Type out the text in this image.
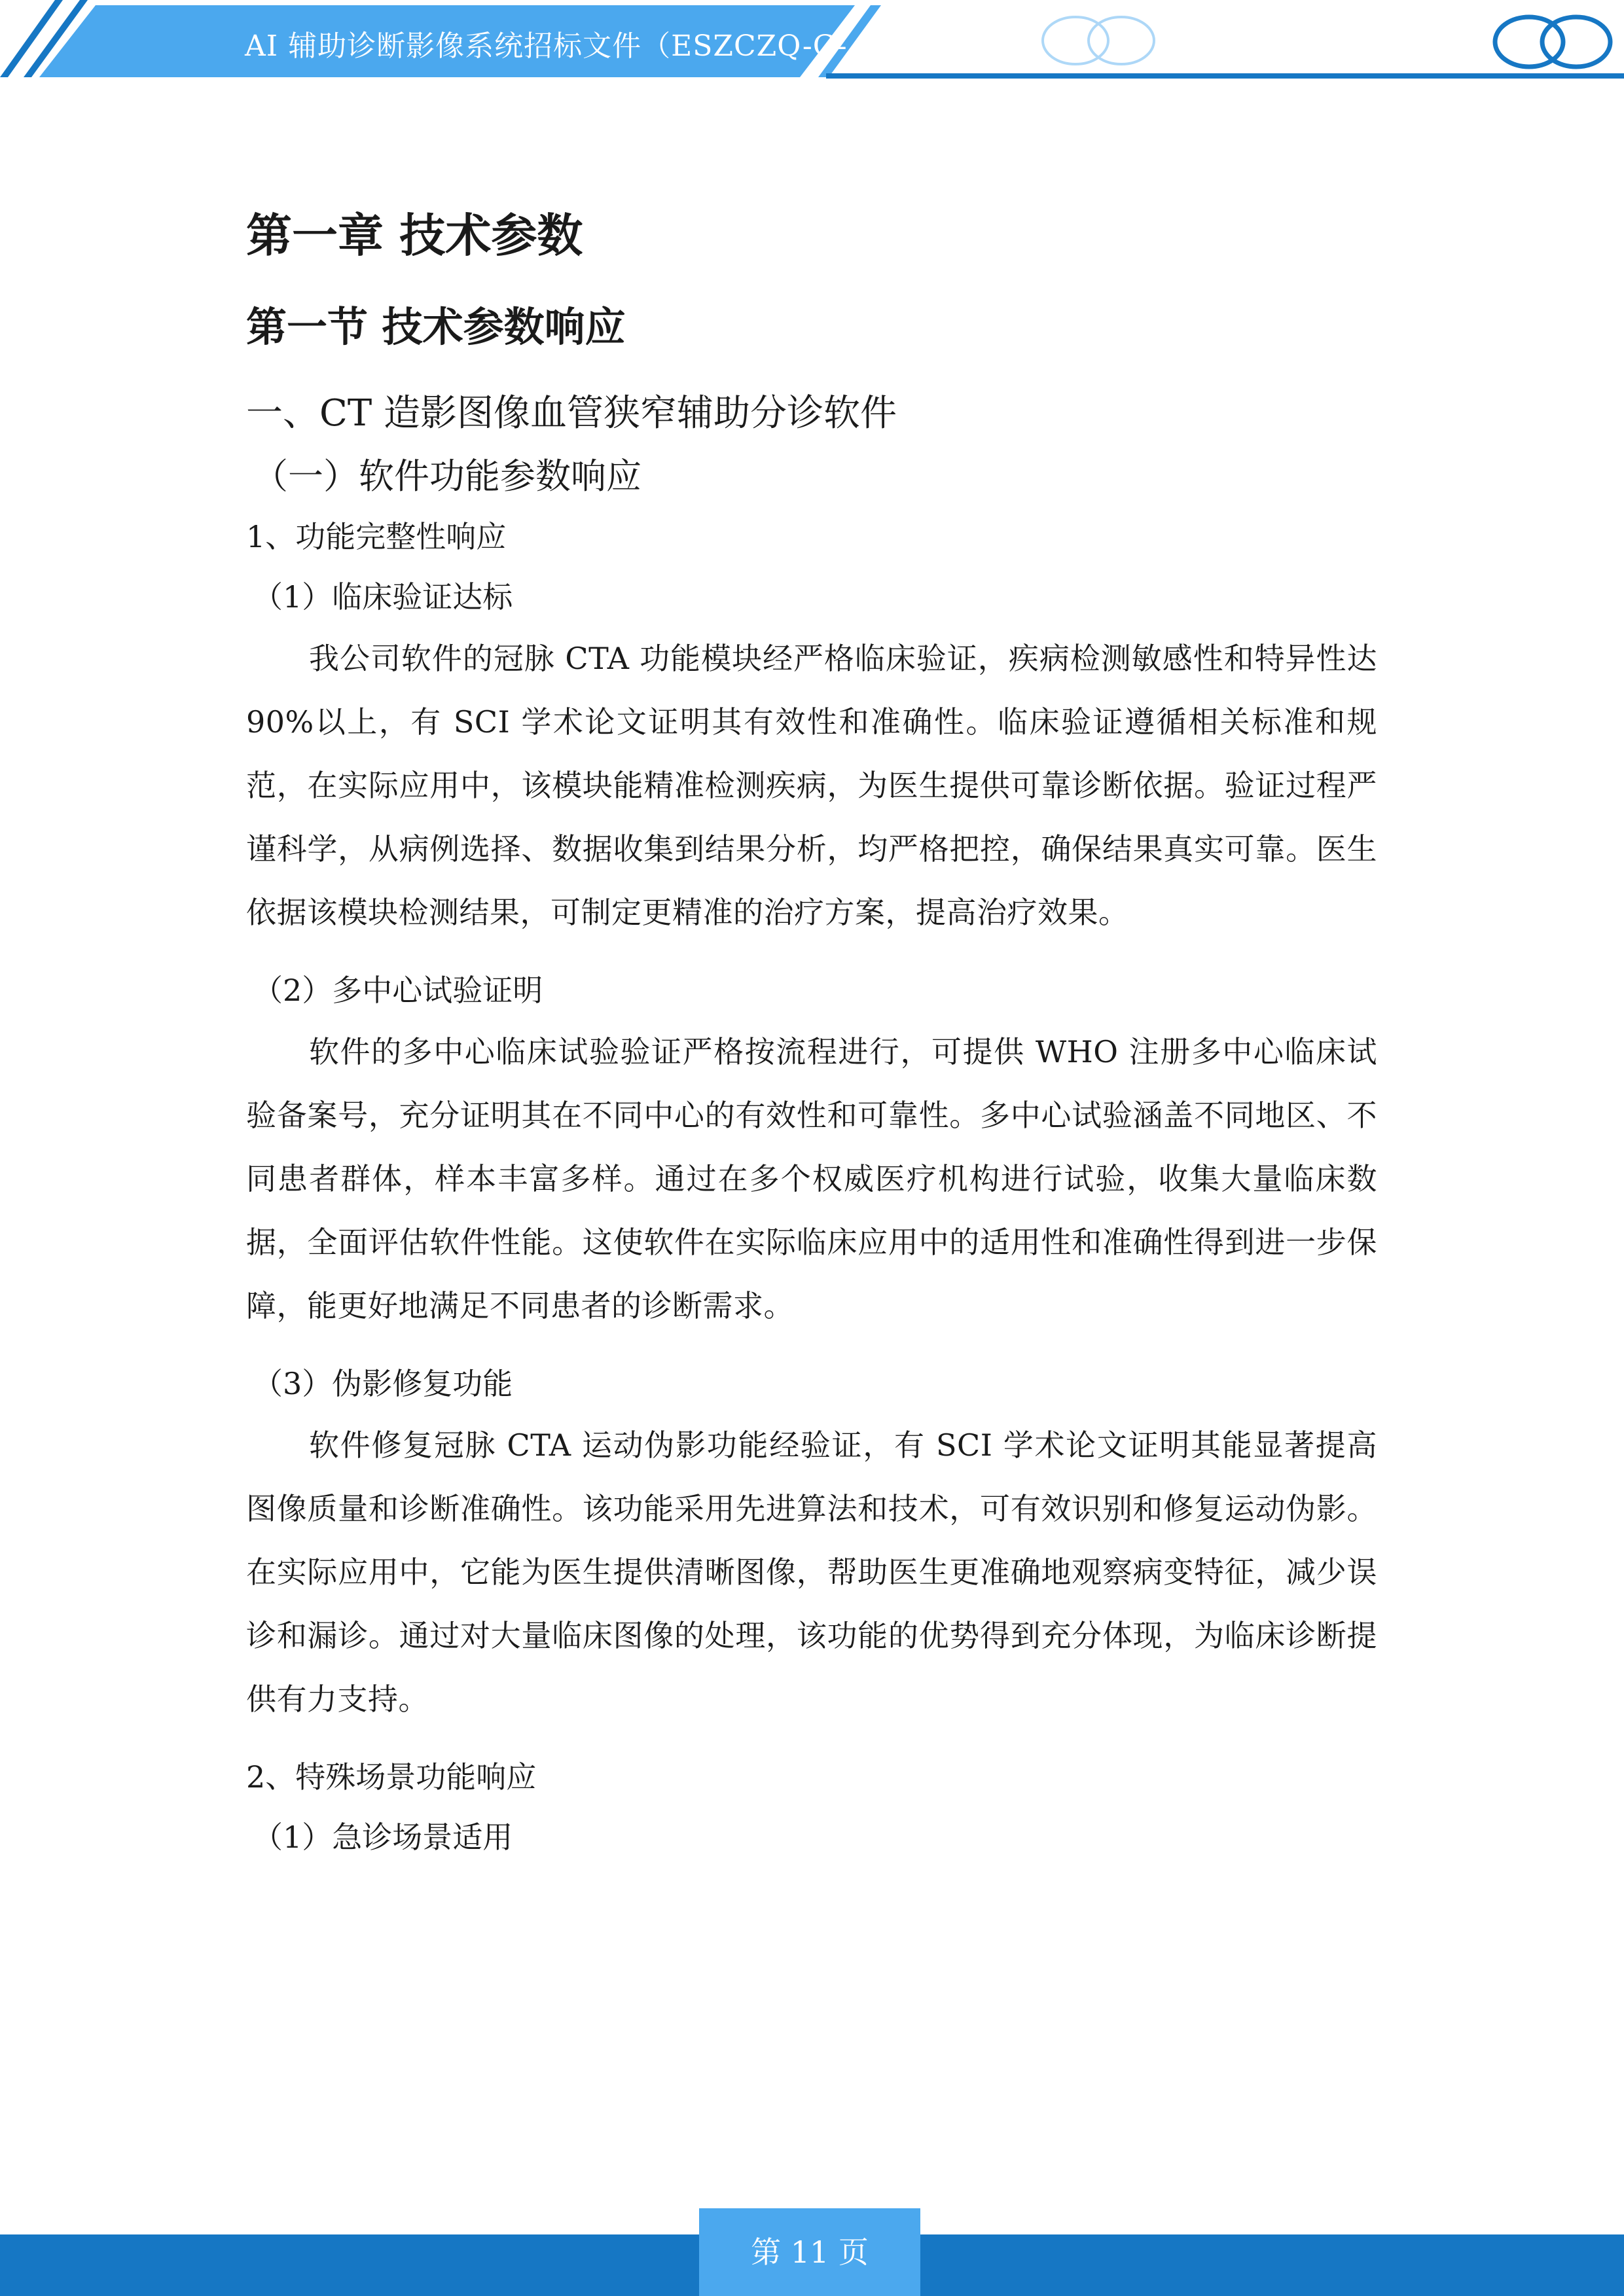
AI 辅助诊断影像系统招标文件（ESZCZQ-G-
第一章 技术参数
第一节 技术参数响应
一、CT 造影图像血管狭窄辅助分诊软件
（一）软件功能参数响应
1、功能完整性响应
（1）临床验证达标

我公司软件的冠脉 CTA 功能模块经严格临床验证，疾病检测敏感性和特异性达 90%以上，有 SCI 学术论文证明其有效性和准确性。临床验证遵循相关标准和规范，在实际应用中，该模块能精准检测疾病，为医生提供可靠诊断依据。验证过程严谨科学，从病例选择、数据收集到结果分析，均严格把控，确保结果真实可靠。医生依据该模块检测结果，可制定更精准的治疗方案，提高治疗效果。

（2）多中心试验证明

软件的多中心临床试验验证严格按流程进行，可提供 WHO 注册多中心临床试验备案号，充分证明其在不同中心的有效性和可靠性。多中心试验涵盖不同地区、不同患者群体，样本丰富多样。通过在多个权威医疗机构进行试验，收集大量临床数据，全面评估软件性能。这使软件在实际临床应用中的适用性和准确性得到进一步保障，能更好地满足不同患者的诊断需求。

（3）伪影修复功能

软件修复冠脉 CTA 运动伪影功能经验证，有 SCI 学术论文证明其能显著提高图像质量和诊断准确性。该功能采用先进算法和技术，可有效识别和修复运动伪影。在实际应用中，它能为医生提供清晰图像，帮助医生更准确地观察病变特征，减少误诊和漏诊。通过对大量临床图像的处理，该功能的优势得到充分体现，为临床诊断提供有力支持。

2、特殊场景功能响应
（1）急诊场景适用
第 11 页
